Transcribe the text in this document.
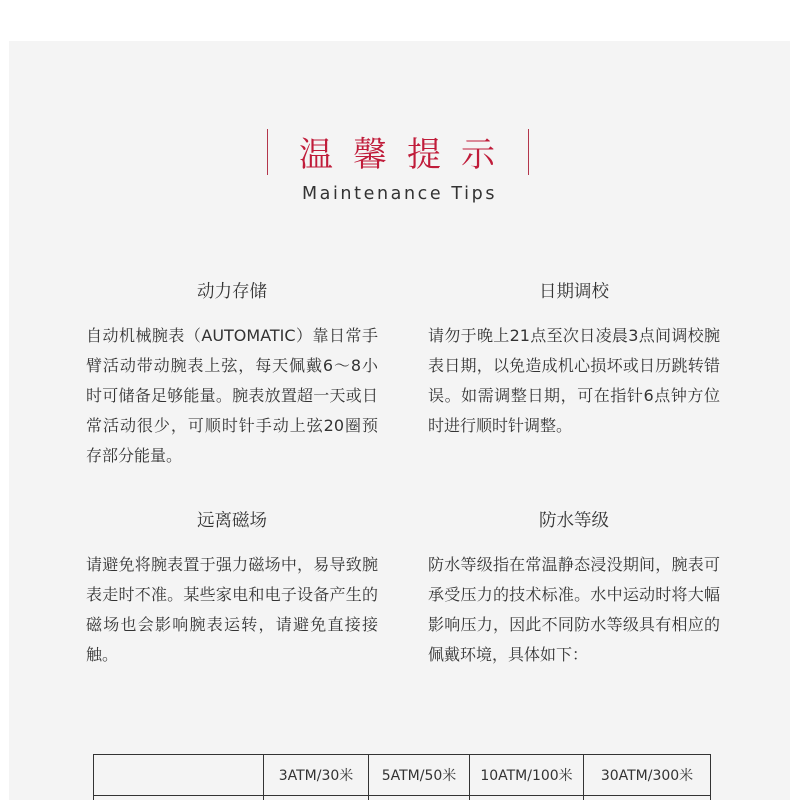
温馨提示
Maintenance Tips

动力存储

自动机械腕表（AUTOMATIC）靠日常手臂活动带动腕表上弦，每天佩戴6～8小时可储备足够能量。腕表放置超一天或日常活动很少，可顺时针手动上弦20圈预存部分能量。

日期调校

请勿于晚上21点至次日凌晨3点间调校腕表日期，以免造成机心损坏或日历跳转错误。如需调整日期，可在指针6点钟方位时进行顺时针调整。

远离磁场

请避免将腕表置于强力磁场中，易导致腕表走时不准。某些家电和电子设备产生的磁场也会影响腕表运转，请避免直接接触。

防水等级

防水等级指在常温静态浸没期间，腕表可承受压力的技术标准。水中运动时将大幅影响压力，因此不同防水等级具有相应的佩戴环境，具体如下：

	3ATM/30米	5ATM/50米	10ATM/100米	30ATM/300米
